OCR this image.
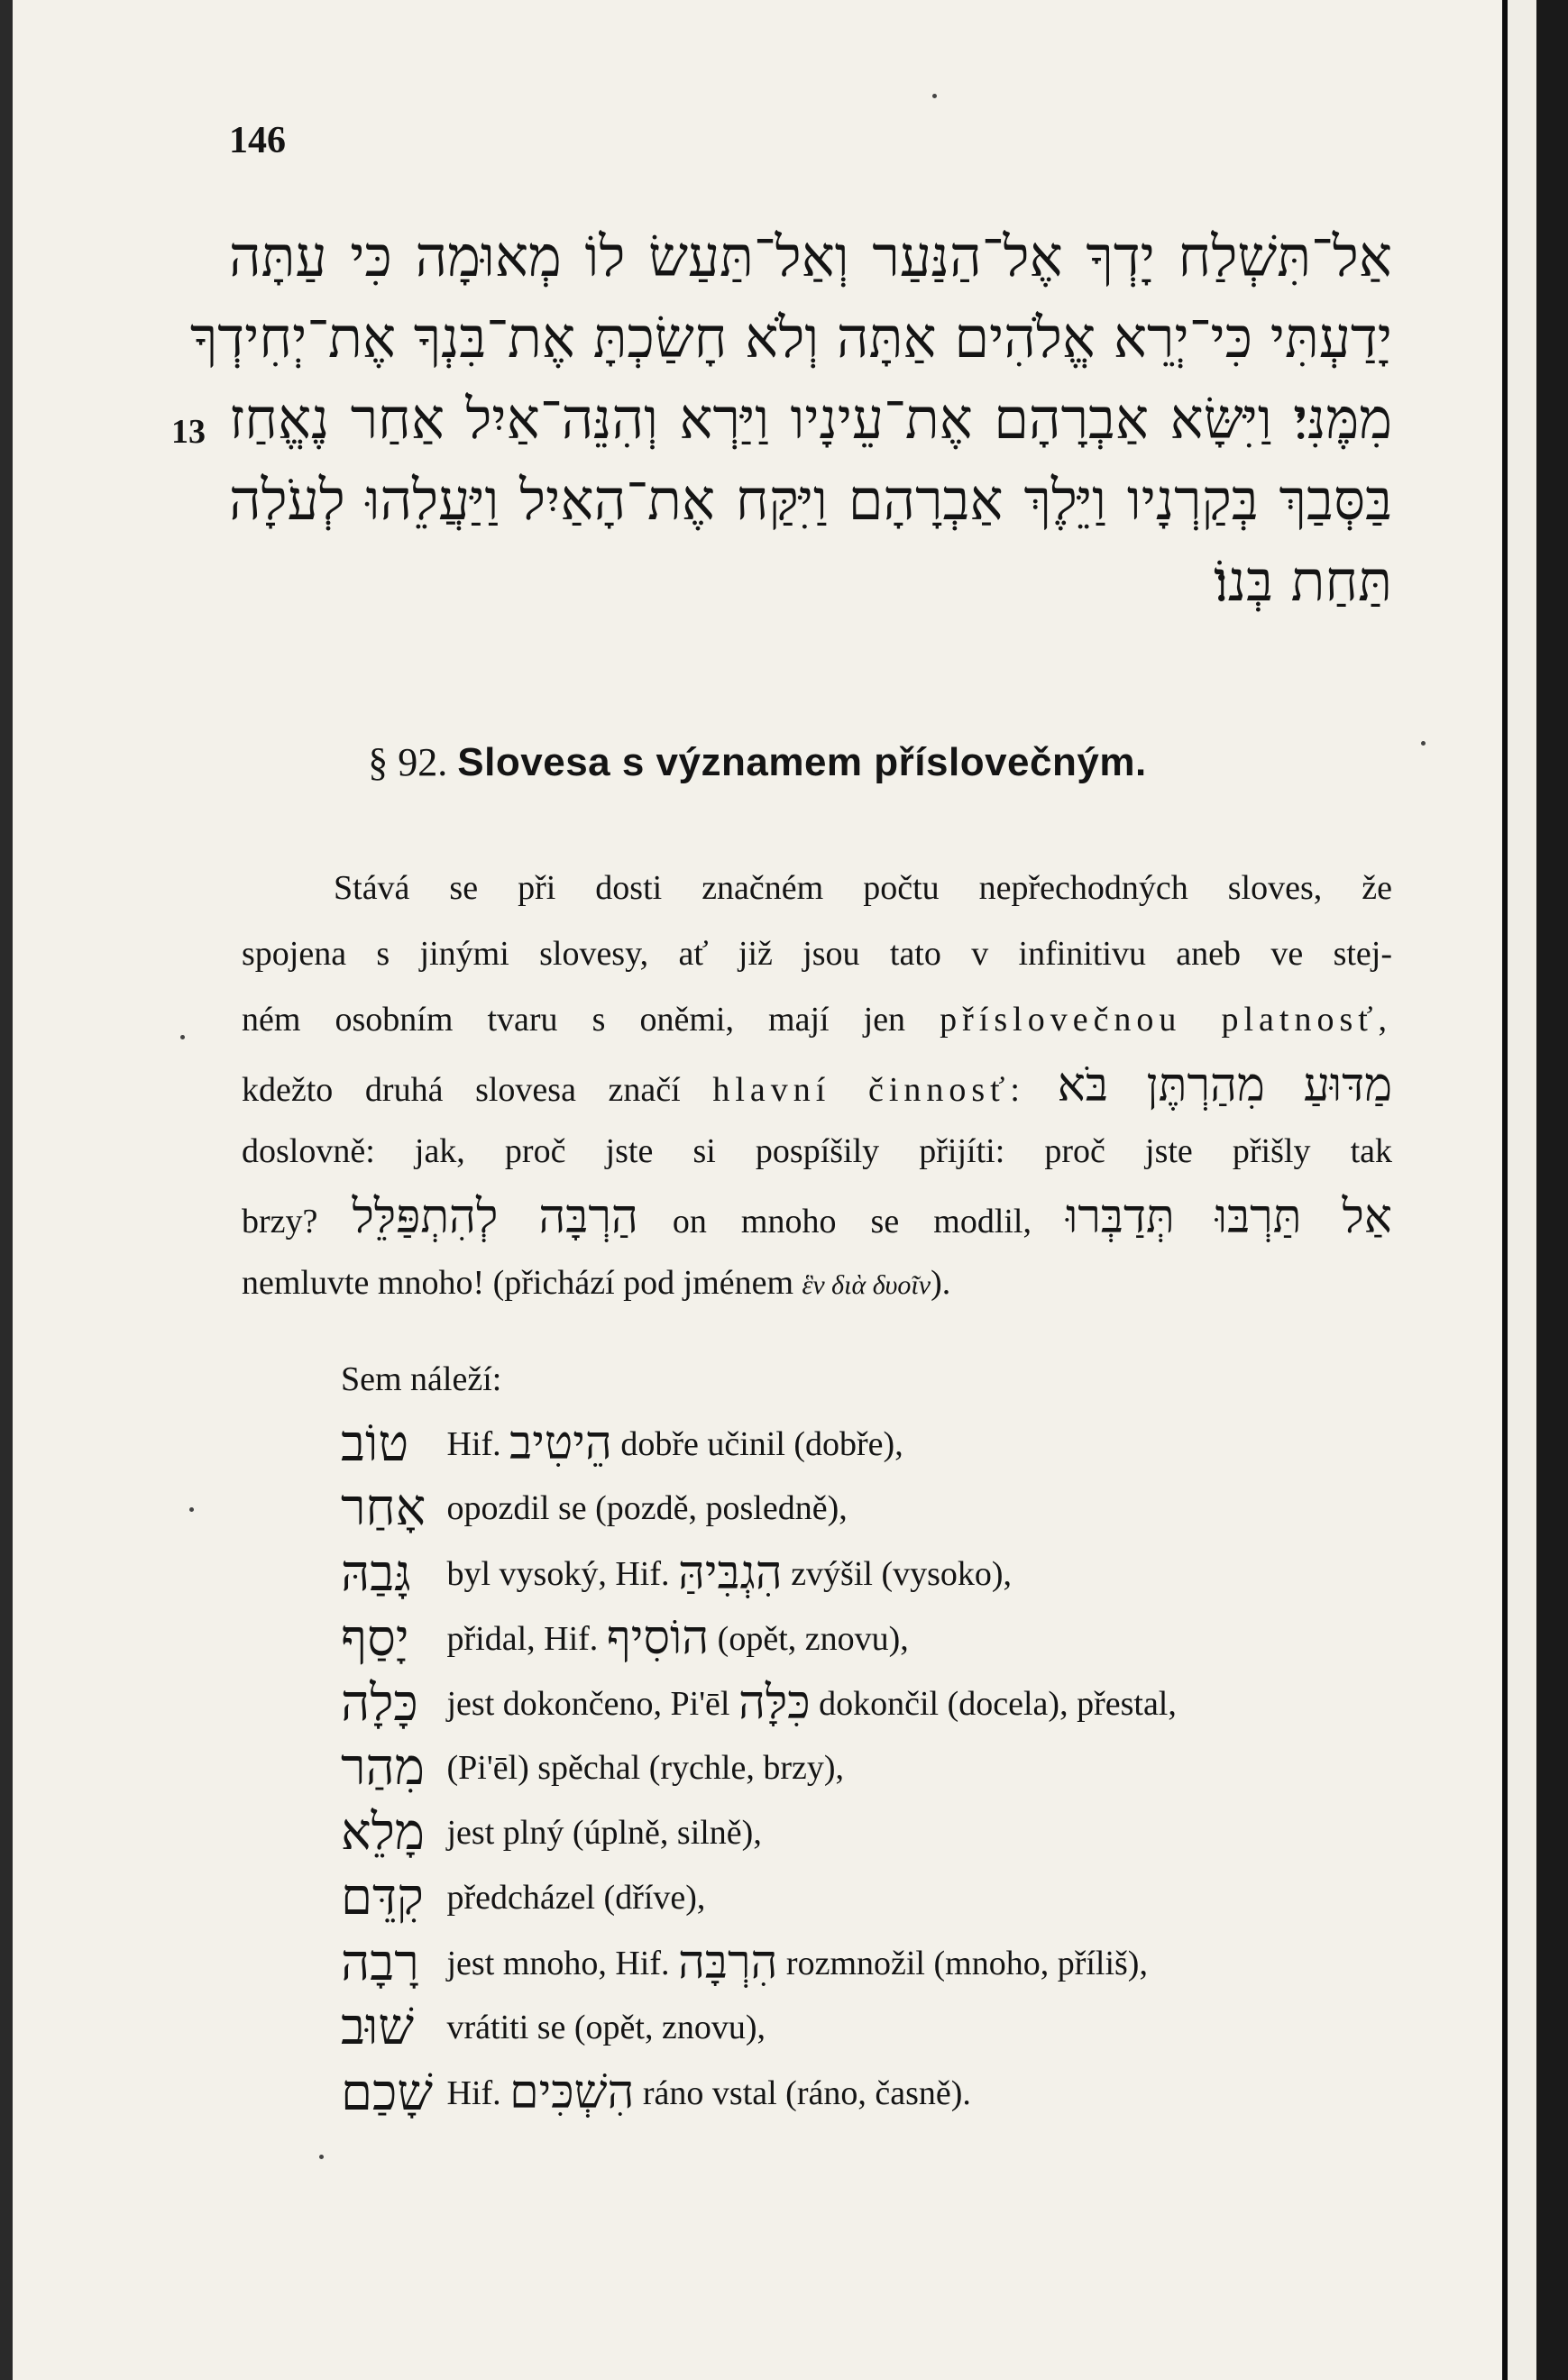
146
אַל־תִּשְׁלַח יָדְךָ אֶל־הַנַּעַר וְאַל־תַּעַשׂ לוֹ מְאוּמָה כִּי עַתָּה
יָדַעְתִּי כִּי־יְרֵא אֱלֹהִים אַתָּה וְלֹא חָשַׂכְתָּ אֶת־בִּנְךָ אֶת־יְחִידְךָ
13 מִמֶּנִּי׃ וַיִּשָּׂא אַבְרָהָם אֶת־עֵינָיו וַיַּרְא וְהִנֵּה־אַיִל אַחַר נֶאֱחַז
בַּסְּבַךְ בְּקַרְנָיו וַיֵּלֶךְ אַבְרָהָם וַיִּקַּח אֶת־הָאַיִל וַיַּעֲלֵהוּ לְעֹלָה
תַּחַת בְּנוֹ׃
§ 92. Slovesa s významem příslovečným.
Stává se při dosti značném počtu nepřechodných sloves, že
spojena s jinými slovesy, ať již jsou tato v infinitivu aneb ve stej-
ném osobním tvaru s oněmi, mají jen příslovečnou platnosť,
kdežto druhá slovesa značí hlavní činnosť: מַדּוּעַ מִהַרְתֶּן בֹּא
doslovně: jak, proč jste si pospíšily přijíti: proč jste přišly tak
brzy? הַרְבָּה לְהִתְפַּלֵּל on mnoho se modlil, אַל תַּרְבּוּ תְּדַבְּרוּ
nemluvte mnoho! (přichází pod jménem ἓν διὰ δυοῖν).
Sem náleží:
טוֹב Hif. הֵיטִיב dobře učinil (dobře),
אָחַר opozdil se (pozdě, posledně),
גָּבַהּ byl vysoký, Hif. הִגְבִּיהַּ zvýšil (vysoko),
יָסַף přidal, Hif. הוֹסִיף (opět, znovu),
כָּלָה jest dokončeno, Pi'ēl כִּלָּה dokončil (docela), přestal,
מִהַר (Pi'ēl) spěchal (rychle, brzy),
מָלֵא jest plný (úplně, silně),
קִדֵּם předcházel (dříve),
רָבָה jest mnoho, Hif. הִרְבָּה rozmnožil (mnoho, příliš),
שׁוּב vrátiti se (opět, znovu),
שָׁכַם Hif. הִשְׁכִּים ráno vstal (ráno, časně).
